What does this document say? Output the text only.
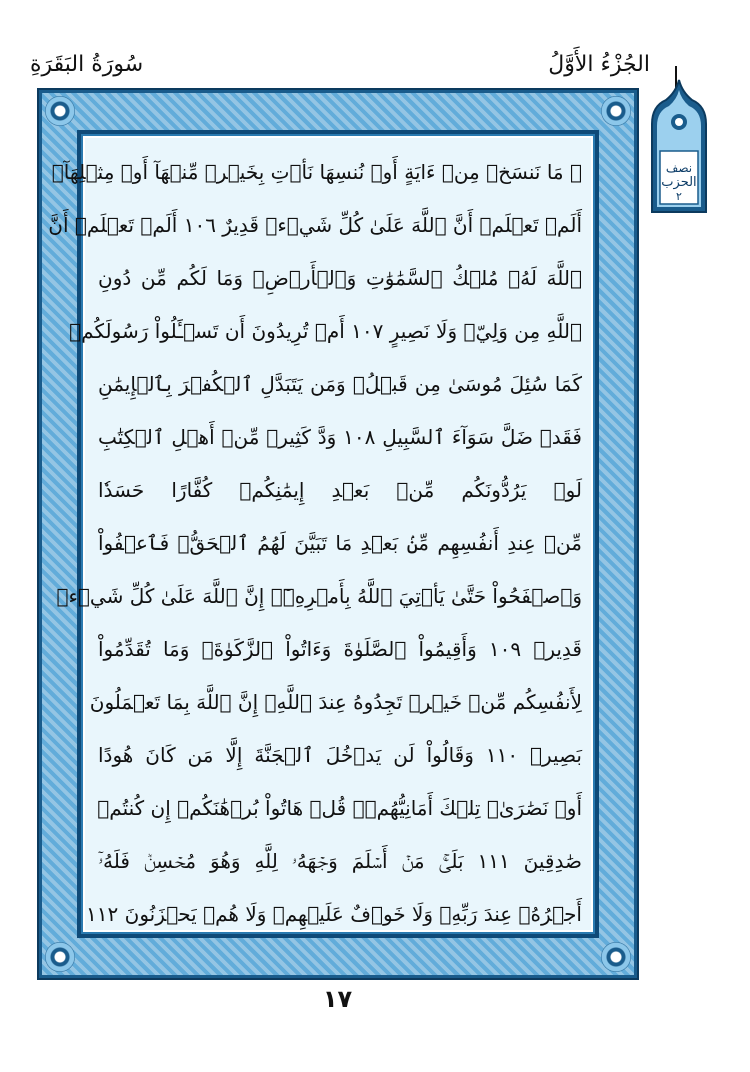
الجُزْءُ الأَوَّلُ
سُورَةُ البَقَرَةِ
نصف
الحزب
٢
۞ مَا نَنسَخۡ مِنۡ ءَايَةٍ أَوۡ نُنسِهَا نَأۡتِ بِخَيۡرٖ مِّنۡهَآ أَوۡ مِثۡلِهَآۗ
أَلَمۡ تَعۡلَمۡ أَنَّ ٱللَّهَ عَلَىٰ كُلِّ شَيۡءٖ قَدِيرٌ ١٠٦ أَلَمۡ تَعۡلَمۡ أَنَّ
ٱللَّهَ لَهُۥ مُلۡكُ ٱلسَّمَٰوَٰتِ وَٱلۡأَرۡضِۗ وَمَا لَكُم مِّن دُونِ
ٱللَّهِ مِن وَلِيّٖ وَلَا نَصِيرٍ ١٠٧ أَمۡ تُرِيدُونَ أَن تَسۡـَٔلُواْ رَسُولَكُمۡ
كَمَا سُئِلَ مُوسَىٰ مِن قَبۡلُۗ وَمَن يَتَبَدَّلِ ٱلۡكُفۡرَ بِٱلۡإِيمَٰنِ
فَقَدۡ ضَلَّ سَوَآءَ ٱلسَّبِيلِ ١٠٨ وَدَّ كَثِيرٞ مِّنۡ أَهۡلِ ٱلۡكِتَٰبِ
لَوۡ يَرُدُّونَكُم مِّنۢ بَعۡدِ إِيمَٰنِكُمۡ كُفَّارًا حَسَدٗا
مِّنۡ عِندِ أَنفُسِهِم مِّنۢ بَعۡدِ مَا تَبَيَّنَ لَهُمُ ٱلۡحَقُّۖ فَٱعۡفُواْ
وَٱصۡفَحُواْ حَتَّىٰ يَأۡتِيَ ٱللَّهُ بِأَمۡرِهِۦٓۗ إِنَّ ٱللَّهَ عَلَىٰ كُلِّ شَيۡءٖ
قَدِيرٞ ١٠٩ وَأَقِيمُواْ ٱلصَّلَوٰةَ وَءَاتُواْ ٱلزَّكَوٰةَۚ وَمَا تُقَدِّمُواْ
لِأَنفُسِكُم مِّنۡ خَيۡرٖ تَجِدُوهُ عِندَ ٱللَّهِۗ إِنَّ ٱللَّهَ بِمَا تَعۡمَلُونَ
بَصِيرٞ ١١٠ وَقَالُواْ لَن يَدۡخُلَ ٱلۡجَنَّةَ إِلَّا مَن كَانَ هُودًا
أَوۡ نَصَٰرَىٰۗ تِلۡكَ أَمَانِيُّهُمۡۗ قُلۡ هَاتُواْ بُرۡهَٰنَكُمۡ إِن كُنتُمۡ
صَٰدِقِينَ ١١١ بَلَىٰۚ مَنۡ أَسۡلَمَ وَجۡهَهُۥ لِلَّهِ وَهُوَ مُحۡسِنٞ فَلَهُۥٓ
أَجۡرُهُۥ عِندَ رَبِّهِۦ وَلَا خَوۡفٌ عَلَيۡهِمۡ وَلَا هُمۡ يَحۡزَنُونَ ١١٢
١٧
